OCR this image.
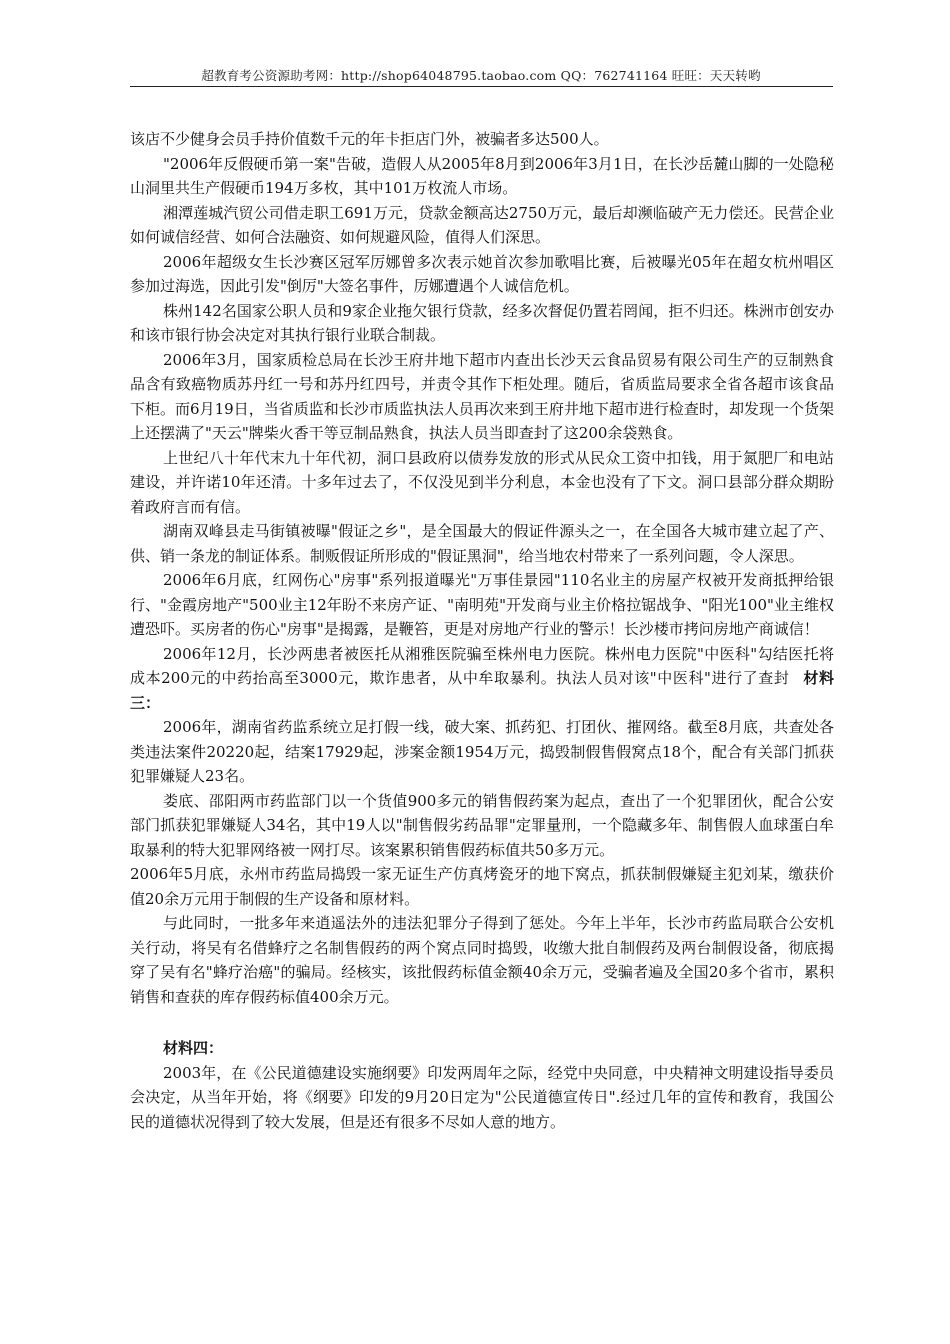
超教育考公资源助考网：http://shop64048795.taobao.com QQ：762741164 旺旺：天天转哟

该店不少健身会员手持价值数千元的年卡拒店门外，被骗者多达500人。

"2006年反假硬币第一案"告破，造假人从2005年8月到2006年3月1日，在长沙岳麓山脚的一处隐秘山洞里共生产假硬币194万多枚，其中101万枚流人市场。

湘潭莲城汽贸公司借走职工691万元，贷款金额高达2750万元，最后却濒临破产无力偿还。民营企业如何诚信经营、如何合法融资、如何规避风险，值得人们深思。

2006年超级女生长沙赛区冠军厉娜曾多次表示她首次参加歌唱比赛，后被曝光05年在超女杭州唱区参加过海选，因此引发"倒厉"大签名事件，厉娜遭遇个人诚信危机。

株州142名国家公职人员和9家企业拖欠银行贷款，经多次督促仍置若罔闻，拒不归还。株洲市创安办和该市银行协会决定对其执行银行业联合制裁。

2006年3月，国家质检总局在长沙王府井地下超市内查出长沙天云食品贸易有限公司生产的豆制熟食品含有致癌物质苏丹红一号和苏丹红四号，并责令其作下柜处理。随后，省质监局要求全省各超市该食品下柜。而6月19日，当省质监和长沙市质监执法人员再次来到王府井地下超市进行检查时，却发现一个货架上还摆满了"天云"牌柴火香干等豆制品熟食，执法人员当即查封了这200余袋熟食。

上世纪八十年代末九十年代初，洞口县政府以债券发放的形式从民众工资中扣钱，用于氮肥厂和电站建设，并许诺10年还清。十多年过去了，不仅没见到半分利息，本金也没有了下文。洞口县部分群众期盼着政府言而有信。

湖南双峰县走马街镇被曝"假证之乡"，是全国最大的假证件源头之一，在全国各大城市建立起了产、供、销一条龙的制证体系。制贩假证所形成的"假证黑洞"，给当地农村带来了一系列问题，令人深思。

2006年6月底，红网伤心"房事"系列报道曝光"万事佳景园"110名业主的房屋产权被开发商抵押给银行、"金霞房地产"500业主12年盼不来房产证、"南明苑"开发商与业主价格拉锯战争、"阳光100"业主维权遭恐吓。买房者的伤心"房事"是揭露，是鞭笞，更是对房地产行业的警示！长沙楼市拷问房地产商诚信！

2006年12月，长沙两患者被医托从湘雅医院骗至株州电力医院。株州电力医院"中医科"勾结医托将成本200元的中药抬高至3000元，欺诈患者，从中牟取暴利。执法人员对该"中医科"进行了查封 材料三：

2006年，湖南省药监系统立足打假一线，破大案、抓药犯、打团伙、摧网络。截至8月底，共查处各类违法案件20220起，结案17929起，涉案金额1954万元，捣毁制假售假窝点18个，配合有关部门抓获犯罪嫌疑人23名。

娄底、邵阳两市药监部门以一个货值900多元的销售假药案为起点，查出了一个犯罪团伙，配合公安部门抓获犯罪嫌疑人34名，其中19人以"制售假劣药品罪"定罪量刑，一个隐藏多年、制售假人血球蛋白牟取暴利的特大犯罪网络被一网打尽。该案累积销售假药标值共50多万元。

2006年5月底，永州市药监局捣毁一家无证生产仿真烤瓷牙的地下窝点，抓获制假嫌疑主犯刘某，缴获价值20余万元用于制假的生产设备和原材料。

与此同时，一批多年来逍遥法外的违法犯罪分子得到了惩处。今年上半年，长沙市药监局联合公安机关行动，将吴有名借蜂疗之名制售假药的两个窝点同时捣毁，收缴大批自制假药及两台制假设备，彻底揭穿了吴有名"蜂疗治癌"的骗局。经核实，该批假药标值金额40余万元，受骗者遍及全国20多个省市，累积销售和查获的库存假药标值400余万元。

材料四：

2003年，在《公民道德建设实施纲要》印发两周年之际，经党中央同意，中央精神文明建设指导委员会决定，从当年开始，将《纲要》印发的9月20日定为"公民道德宣传日".经过几年的宣传和教育，我国公民的道德状况得到了较大发展，但是还有很多不尽如人意的地方。
